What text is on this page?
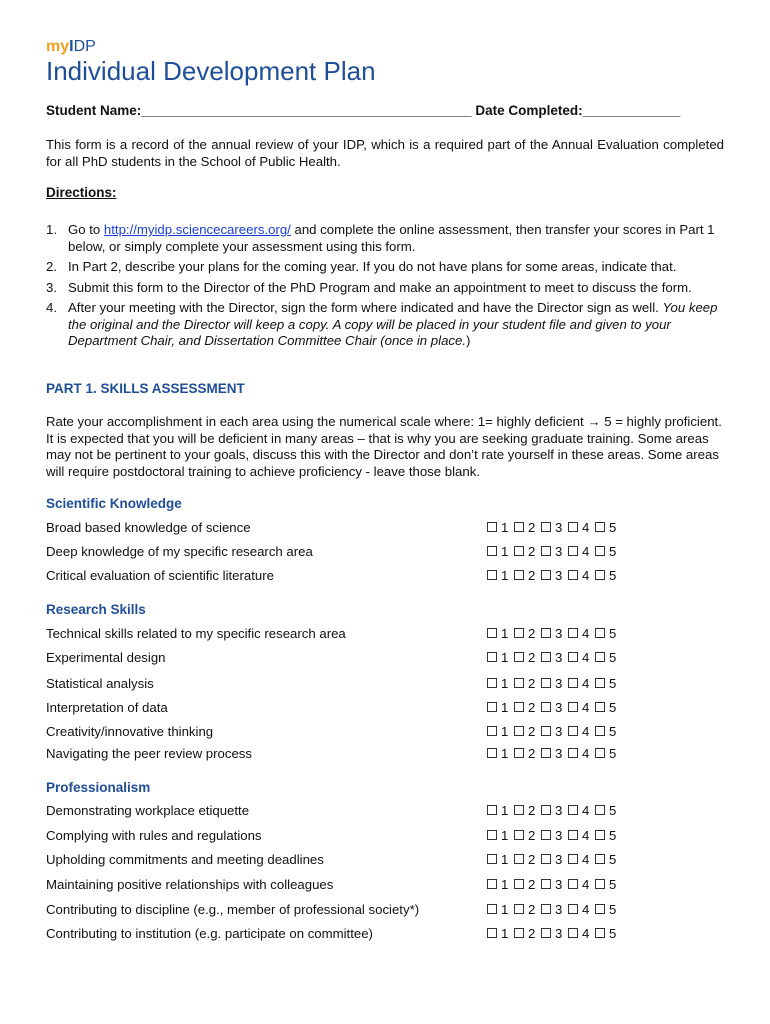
myIDP
Individual Development Plan
Student Name:____________________________________________ Date Completed:_____________
This form is a record of the annual review of your IDP, which is a required part of the Annual Evaluation completed for all PhD students in the School of Public Health.
Directions:
1. Go to http://myidp.sciencecareers.org/ and complete the online assessment, then transfer your scores in Part 1 below, or simply complete your assessment using this form.
2. In Part 2, describe your plans for the coming year. If you do not have plans for some areas, indicate that.
3. Submit this form to the Director of the PhD Program and make an appointment to meet to discuss the form.
4. After your meeting with the Director, sign the form where indicated and have the Director sign as well. You keep the original and the Director will keep a copy. A copy will be placed in your student file and given to your Department Chair, and Dissertation Committee Chair (once in place.)
PART 1. SKILLS ASSESSMENT
Rate your accomplishment in each area using the numerical scale where: 1= highly deficient → 5 = highly proficient. It is expected that you will be deficient in many areas – that is why you are seeking graduate training. Some areas may not be pertinent to your goals, discuss this with the Director and don’t rate yourself in these areas. Some areas will require postdoctoral training to achieve proficiency - leave those blank.
Scientific Knowledge
Broad based knowledge of science	1 2 3 4 5
Deep knowledge of my specific research area	1 2 3 4 5
Critical evaluation of scientific literature	1 2 3 4 5
Research Skills
Technical skills related to my specific research area	1 2 3 4 5
Experimental design	1 2 3 4 5
Statistical analysis	1 2 3 4 5
Interpretation of data	1 2 3 4 5
Creativity/innovative thinking	1 2 3 4 5
Navigating the peer review process	1 2 3 4 5
Professionalism
Demonstrating workplace etiquette	1 2 3 4 5
Complying with rules and regulations	1 2 3 4 5
Upholding commitments and meeting deadlines	1 2 3 4 5
Maintaining positive relationships with colleagues	1 2 3 4 5
Contributing to discipline (e.g., member of professional society*)	1 2 3 4 5
Contributing to institution (e.g. participate on committee)	1 2 3 4 5
